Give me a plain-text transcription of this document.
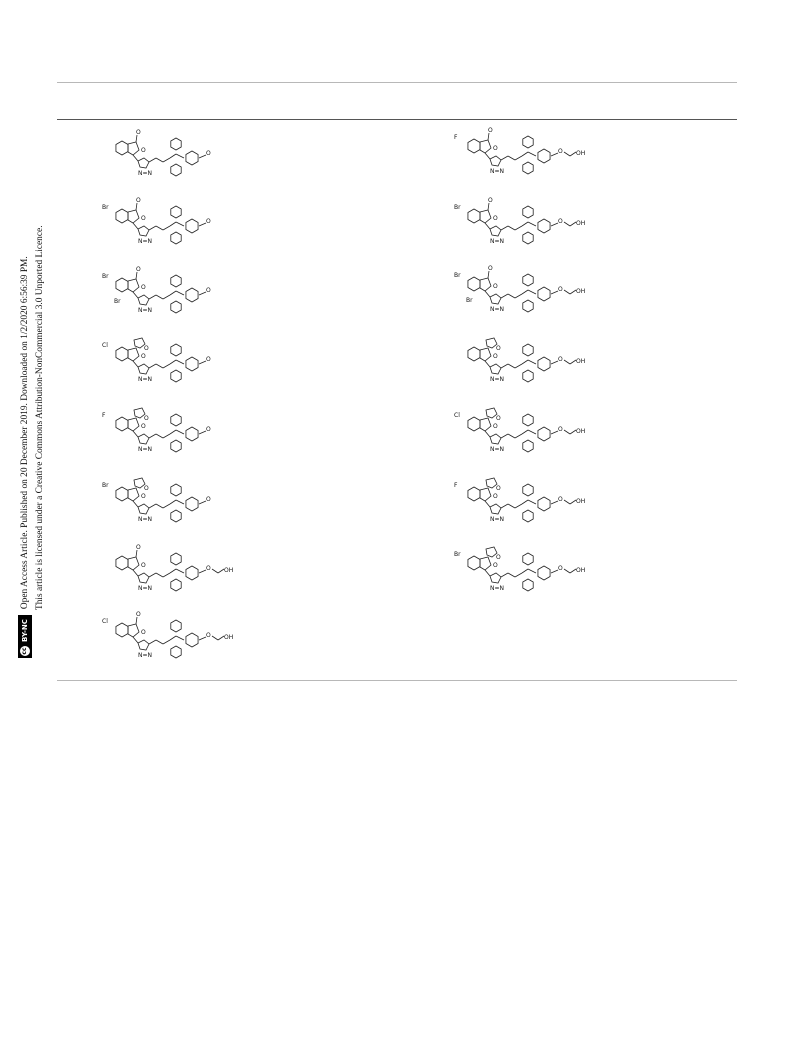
cc
BY-NC
Open Access Article. Published on 20 December 2019. Downloaded on 1/2/2020 6:56:39 PM. This article is licensed under a Creative Commons Attribution-NonCommercial 3.0 Unported Licence.
O
O
N=N
O
O
O
Br
N=N
O
O
O
Br
Br
N=N
O
O
O
Cl
N=N
O
O
O
F
N=N
O
O
O
Br
N=N
O
O
O
N=N
O OH
O
O
Cl
N=N
O OH
O
O
F
N=N
O OH
O
O
Br
N=N
O OH
O
O
Br
Br
N=N
O OH
O
O
N=N
O OH
O
O
Cl
N=N
O OH
O
O
F
N=N
O OH
O
O
Br
N=N
O OH
